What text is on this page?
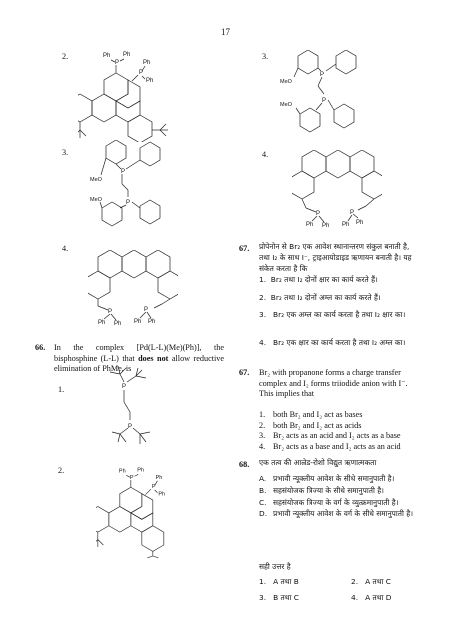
17
2.	Ph Ph
P	Ph
P
Ph
3.
P
MeO
P
MeO
4.
P	P
Ph Ph Ph Ph
66. In the complex [Pd(L-L)(Me)(Ph)], the bisphosphine (L-L) that does not allow reductive elimination of PhMe, is
1.	P
P
2.	Ph Ph
P	Ph
P
Ph
3.
P
MeO
P
MeO
4.
P	P
Ph Ph Ph Ph
67. प्रोपेनोन से Br₂ एक आवेश स्थानान्तरण संकुल बनाती है, तथा I₂ के साथ I⁻, ट्राइआयोडाइड ऋणायन बनाती है। यह संकेत करता है कि
1. Br₂ तथा I₂ दोनों क्षार का कार्य करते हैं।
2. Br₂ तथा I₂ दोनों अम्ल का कार्य करते हैं।
3. Br₂ एक अम्ल का कार्य करता है तथा I₂ क्षार का।
4. Br₂ एक क्षार का कार्य करता है तथा I₂ अम्ल का।
67. Br₂ with propanone forms a charge transfer complex and I₂ forms triiodide anion with I⁻. This implies that
1. both Br₂ and I₂ act as bases
2. both Br₂ and I₂ act as acids
3. Br₂ acts as an acid and I₂ acts as a base
4. Br₂ acts as a base and I₂ acts as an acid
68. एक तत्व की आल्रेड-रोशो विद्युत ऋणात्मकता
A. प्रभावी न्यूक्लीय आवेश के सीधे समानुपाती है।
B. सहसंयोजक त्रिज्या के सीधे समानुपाती है।
C. सहसंयोजक त्रिज्या के वर्ग के व्युत्क्रमानुपाती है।
D. प्रभावी न्यूक्लीय आवेश के वर्ग के सीधे समानुपाती है।
सही उत्तर है
1. A तथा B	2. A तथा C
3. B तथा C	4. A तथा D
